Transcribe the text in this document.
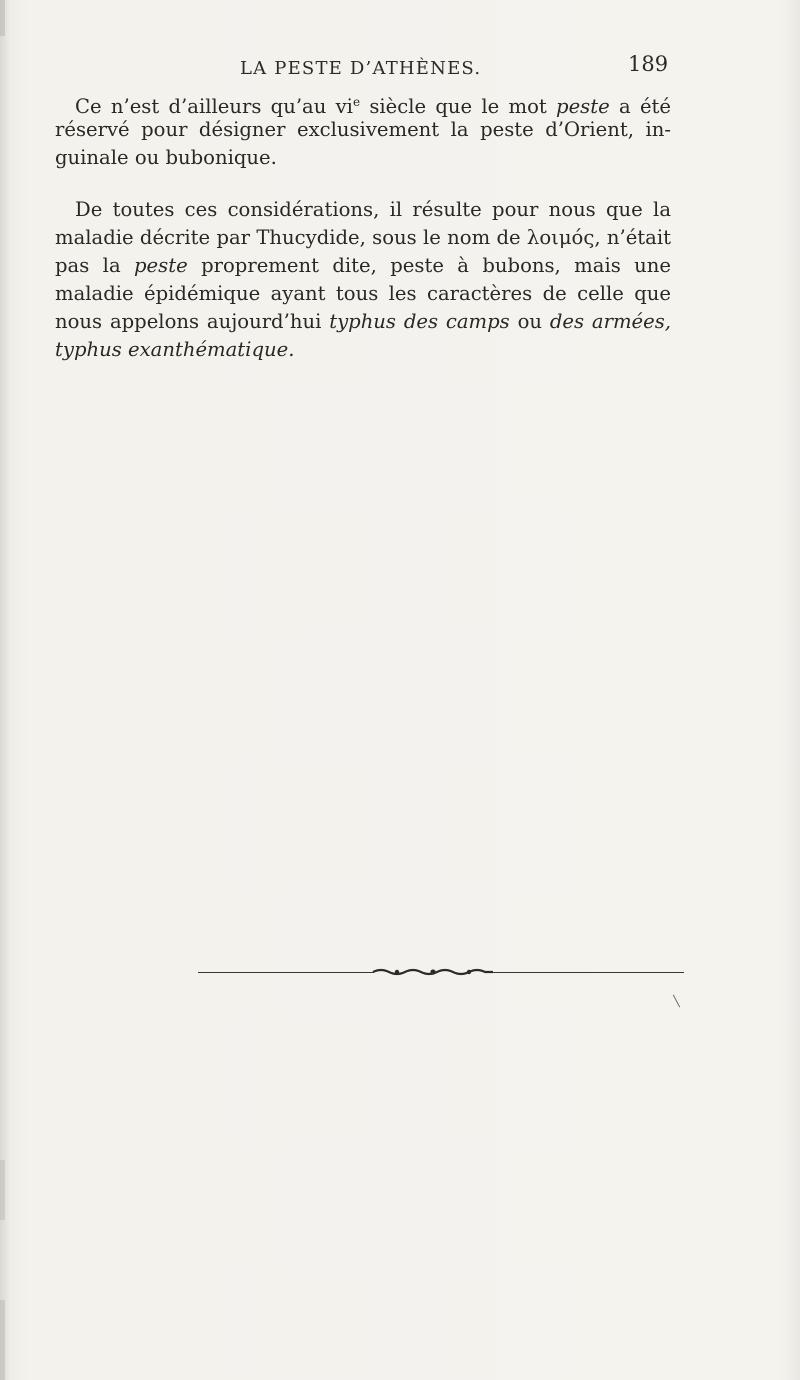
LA PESTE D’ATHÈNES.	189
Ce n’est d’ailleurs qu’au $vi^e$ siècle que le mot peste a été
réservé pour désigner exclusivement la peste d’Orient, in-
guinale ou bubonique.
De toutes ces considérations, il résulte pour nous que la
maladie décrite par Thucydide, sous le nom de λοιμός, n’était
pas la peste proprement dite, peste à bubons, mais une
maladie épidémique ayant tous les caractères de celle que
nous appelons aujourd’hui typhus des camps ou des armées,
typhus exanthématique.
